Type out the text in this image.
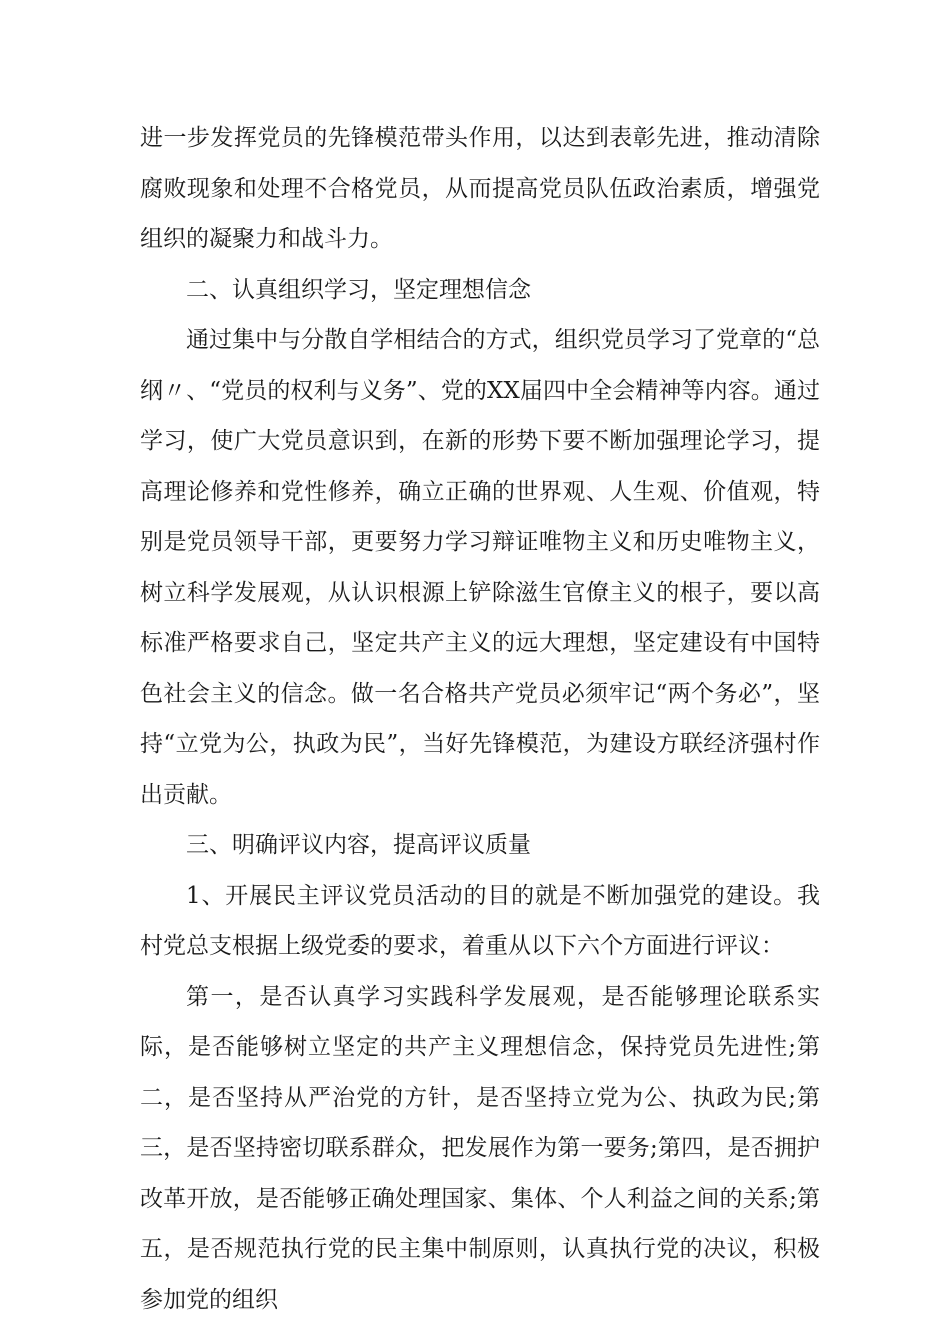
进一步发挥党员的先锋模范带头作用，以达到表彰先进，推动清除腐败现象和处理不合格党员，从而提高党员队伍政治素质，增强党组织的凝聚力和战斗力。

二、认真组织学习，坚定理想信念

通过集中与分散自学相结合的方式，组织党员学习了党章的“总纲〃、“党员的权利与义务”、党的XX届四中全会精神等内容。通过学习，使广大党员意识到，在新的形势下要不断加强理论学习，提高理论修养和党性修养，确立正确的世界观、人生观、价值观，特别是党员领导干部，更要努力学习辩证唯物主义和历史唯物主义，树立科学发展观，从认识根源上铲除滋生官僚主义的根子，要以高标准严格要求自己，坚定共产主义的远大理想，坚定建设有中国特色社会主义的信念。做一名合格共产党员必须牢记“两个务必”，坚持“立党为公，执政为民”，当好先锋模范，为建设方联经济强村作出贡献。

三、明确评议内容，提高评议质量

1、开展民主评议党员活动的目的就是不断加强党的建设。我村党总支根据上级党委的要求，着重从以下六个方面进行评议：

第一，是否认真学习实践科学发展观，是否能够理论联系实际，是否能够树立坚定的共产主义理想信念，保持党员先进性;第二，是否坚持从严治党的方针，是否坚持立党为公、执政为民;第三，是否坚持密切联系群众，把发展作为第一要务;第四，是否拥护改革开放，是否能够正确处理国家、集体、个人利益之间的关系;第五，是否规范执行党的民主集中制原则，认真执行党的决议，积极参加党的组织
